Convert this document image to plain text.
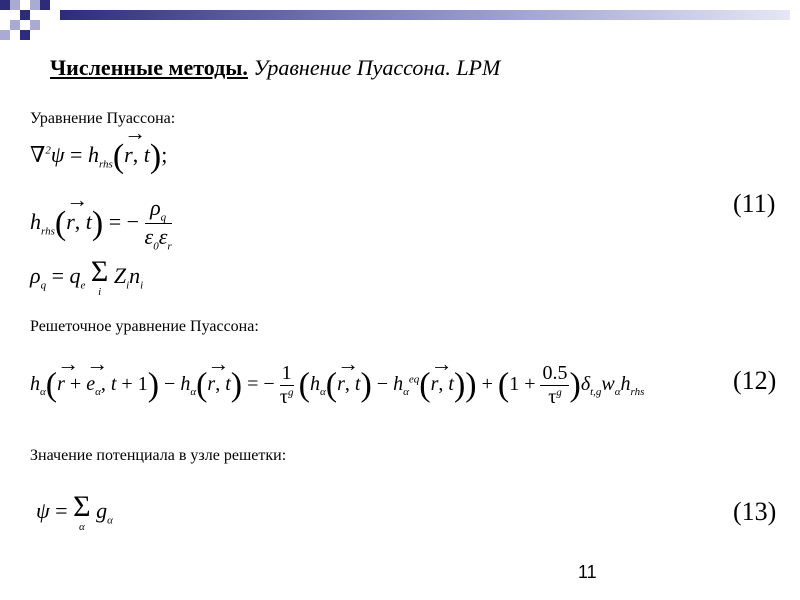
Численные методы. Уравнение Пуассона. LPM
Уравнение Пуассона:
$\nabla^2\psi = h_{rhs}(\to r$, t);
$h_{rhs}(\to r$, t) = − $\frac{\rho_q}{\varepsilon_0\varepsilon_r}$	(11)
$\rho_q = q_e$ Σ
i
$Z_in_i$
Решеточное уравнение Пуассона:
$h_\alpha(\to r$ + → $e_\alpha$, $t + 1) - h_\alpha(\to r$, t) = − $\frac{1}{\tau^g} (h_\alpha(\to r$, $t) - h_\alpha^{eq}(\to r$, $t)) + (1 + \frac{0.5}{\tau^g} )\delta_{t,g}w_\alpha h_{rhs}$	(12)
Значение потенциала в узле решетки:
ψ = Σ
α
$g_\alpha$	(13)
11
